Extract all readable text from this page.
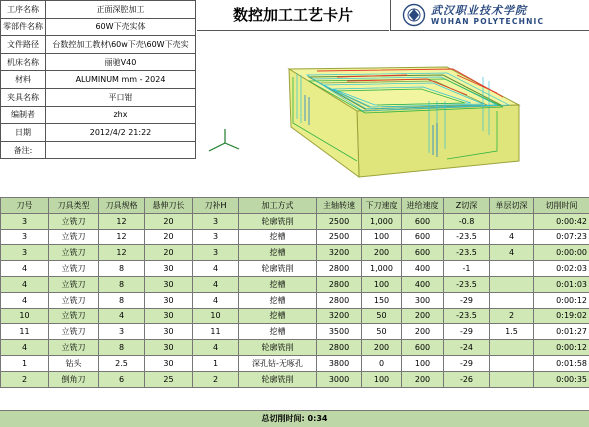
工序名称	正面深腔加工
零部件名称	60W下壳实体
文件路径	台数控加工教材\60w下壳\60W下壳实
机床名称	丽驰V40
材料	ALUMINUM mm - 2024
夹具名称	平口钳
编制者	zhx
日期	2012/4/2 21:22
备注:	
数控加工工艺卡片	武汉职业技术学院
WUHAN POLYTECHNIC
刀号	刀具类型	刀具规格	悬伸刀长	刀补H	加工方式	主轴转速	下刀速度	进给速度	Z切深	单层切深	切削时间
3	立铣刀	12	20	3	轮廓铣削	2500	1,000	600	-0.8		0:00:42
3	立铣刀	12	20	3	挖槽	2500	100	600	-23.5	4	0:07:23
3	立铣刀	12	20	3	挖槽	3200	200	600	-23.5	4	0:00:00
4	立铣刀	8	30	4	轮廓铣削	2800	1,000	400	-1		0:02:03
4	立铣刀	8	30	4	挖槽	2800	100	400	-23.5		0:01:03
4	立铣刀	8	30	4	挖槽	2800	150	300	-29		0:00:12
10	立铣刀	4	30	10	挖槽	3200	50	200	-23.5	2	0:19:02
11	立铣刀	3	30	11	挖槽	3500	50	200	-29	1.5	0:01:27
4	立铣刀	8	30	4	轮廓铣削	2800	200	600	-24		0:00:12
1	钻头	2.5	30	1	深孔钻-无啄孔	3800	0	100	-29		0:01:58
2	倒角刀	6	25	2	轮廓铣削	3000	100	200	-26		0:00:35
总切削时间: 0:34
